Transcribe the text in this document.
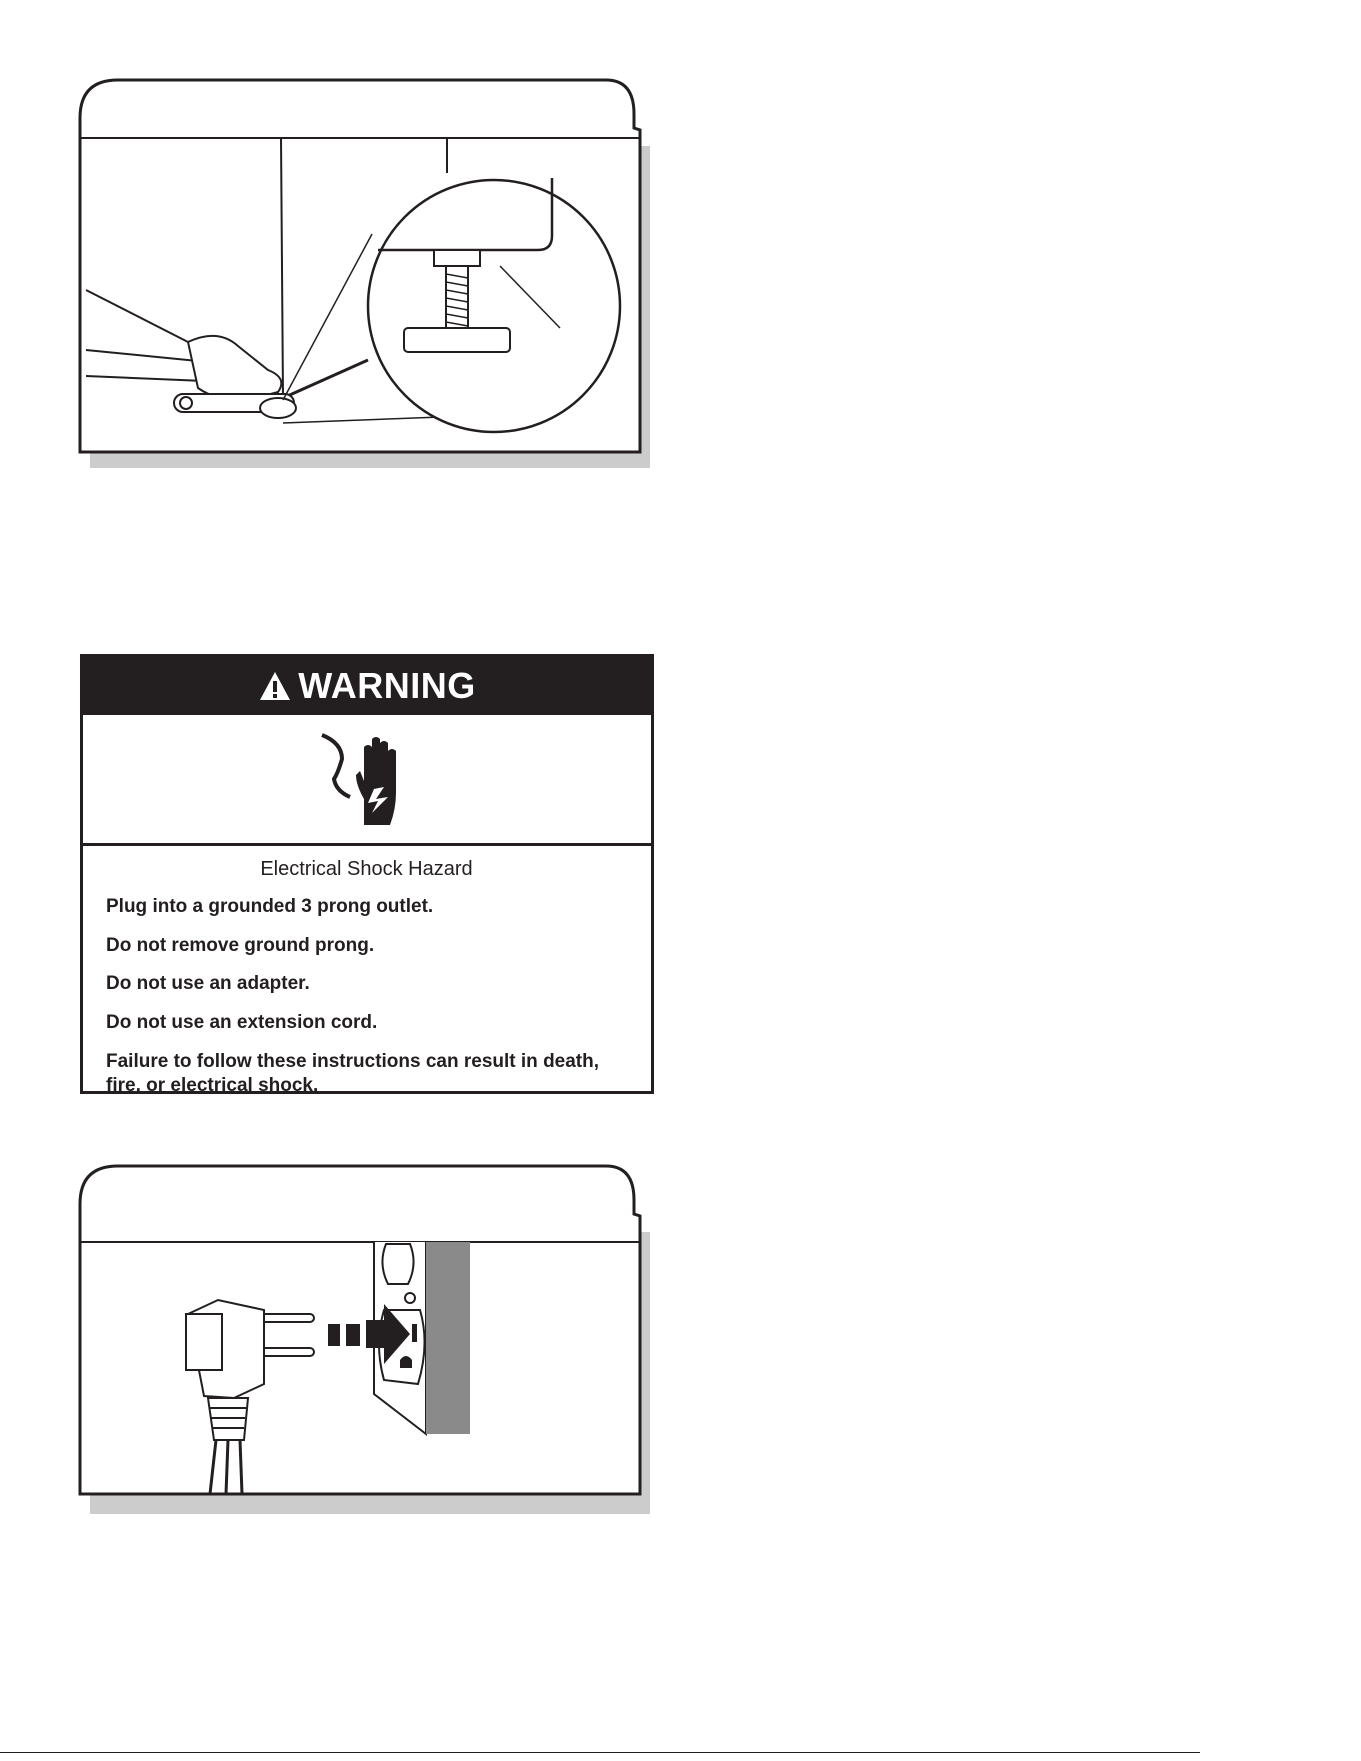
WARNING

Electrical Shock Hazard

Plug into a grounded 3 prong outlet.

Do not remove ground prong.

Do not use an adapter.

Do not use an extension cord.

Failure to follow these instructions can result in death, fire, or electrical shock.
